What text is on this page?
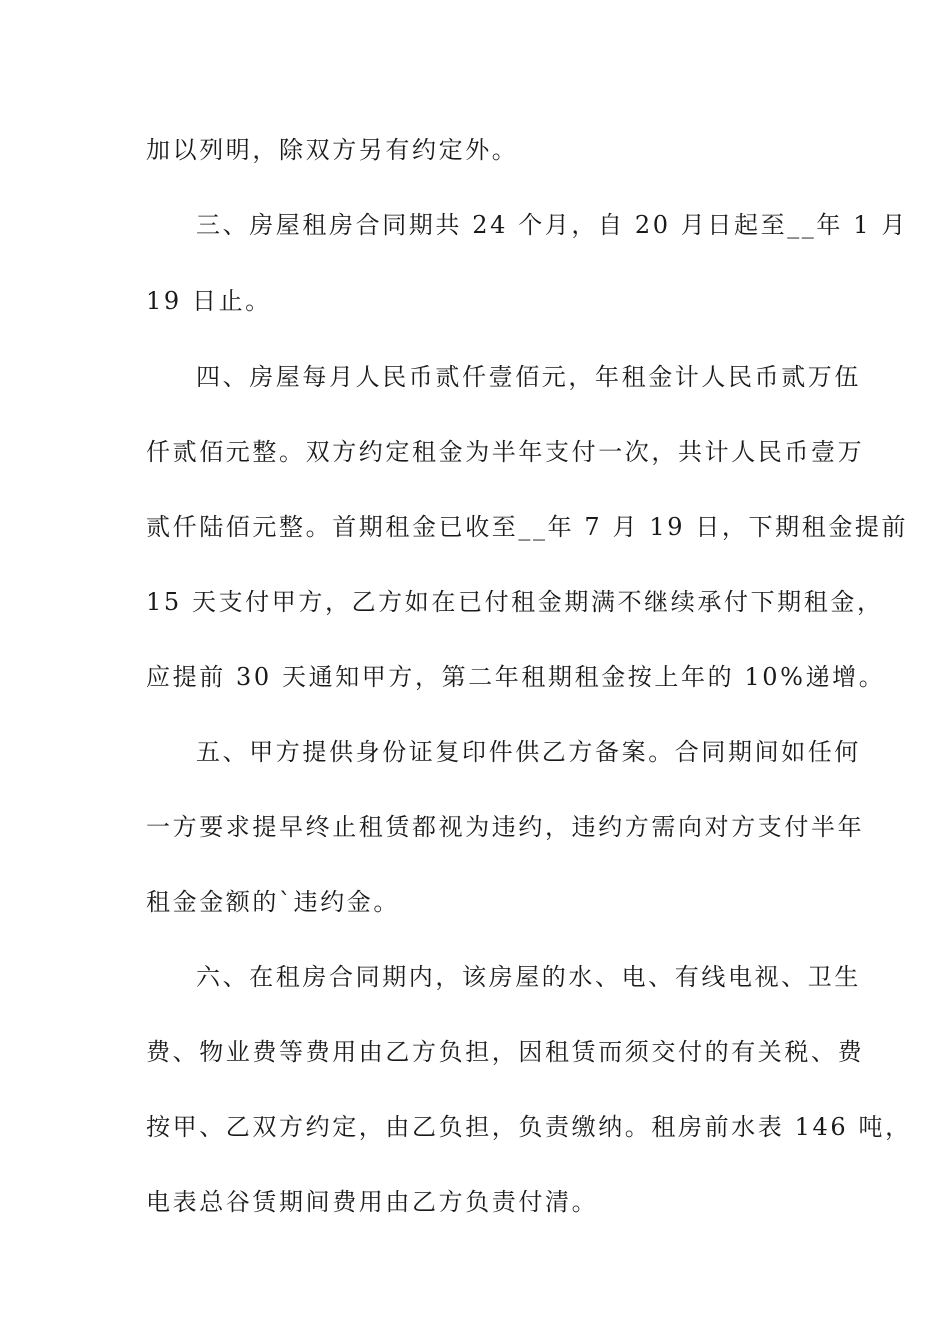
加以列明，除双方另有约定外。
三、房屋租房合同期共 24 个月，自 20 月日起至__年 1 月
19 日止。
四、房屋每月人民币贰仟壹佰元，年租金计人民币贰万伍
仟贰佰元整。双方约定租金为半年支付一次，共计人民币壹万
贰仟陆佰元整。首期租金已收至__年 7 月 19 日，下期租金提前
15 天支付甲方，乙方如在已付租金期满不继续承付下期租金，
应提前 30 天通知甲方，第二年租期租金按上年的 10%递增。
五、甲方提供身份证复印件供乙方备案。合同期间如任何
一方要求提早终止租赁都视为违约，违约方需向对方支付半年
租金金额的`违约金。
六、在租房合同期内，该房屋的水、电、有线电视、卫生
费、物业费等费用由乙方负担，因租赁而须交付的有关税、费
按甲、乙双方约定，由乙负担，负责缴纳。租房前水表 146 吨，
电表总谷赁期间费用由乙方负责付清。
